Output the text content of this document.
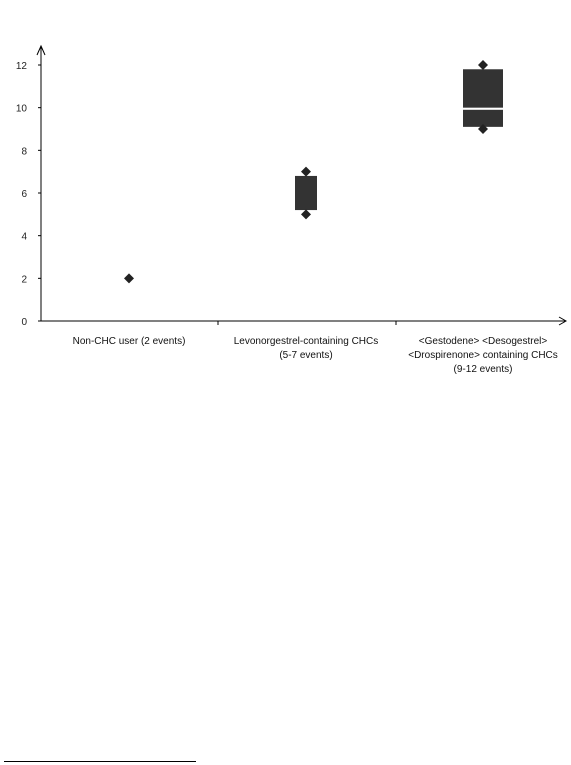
0
2
4
6
8
10
12
Non-CHC user (2 events)	Levonorgestrel-containing CHCs
(5-7 events)
<Gestodene> <Desogestrel>
<Drospirenone> containing CHCs
(9-12 events)
